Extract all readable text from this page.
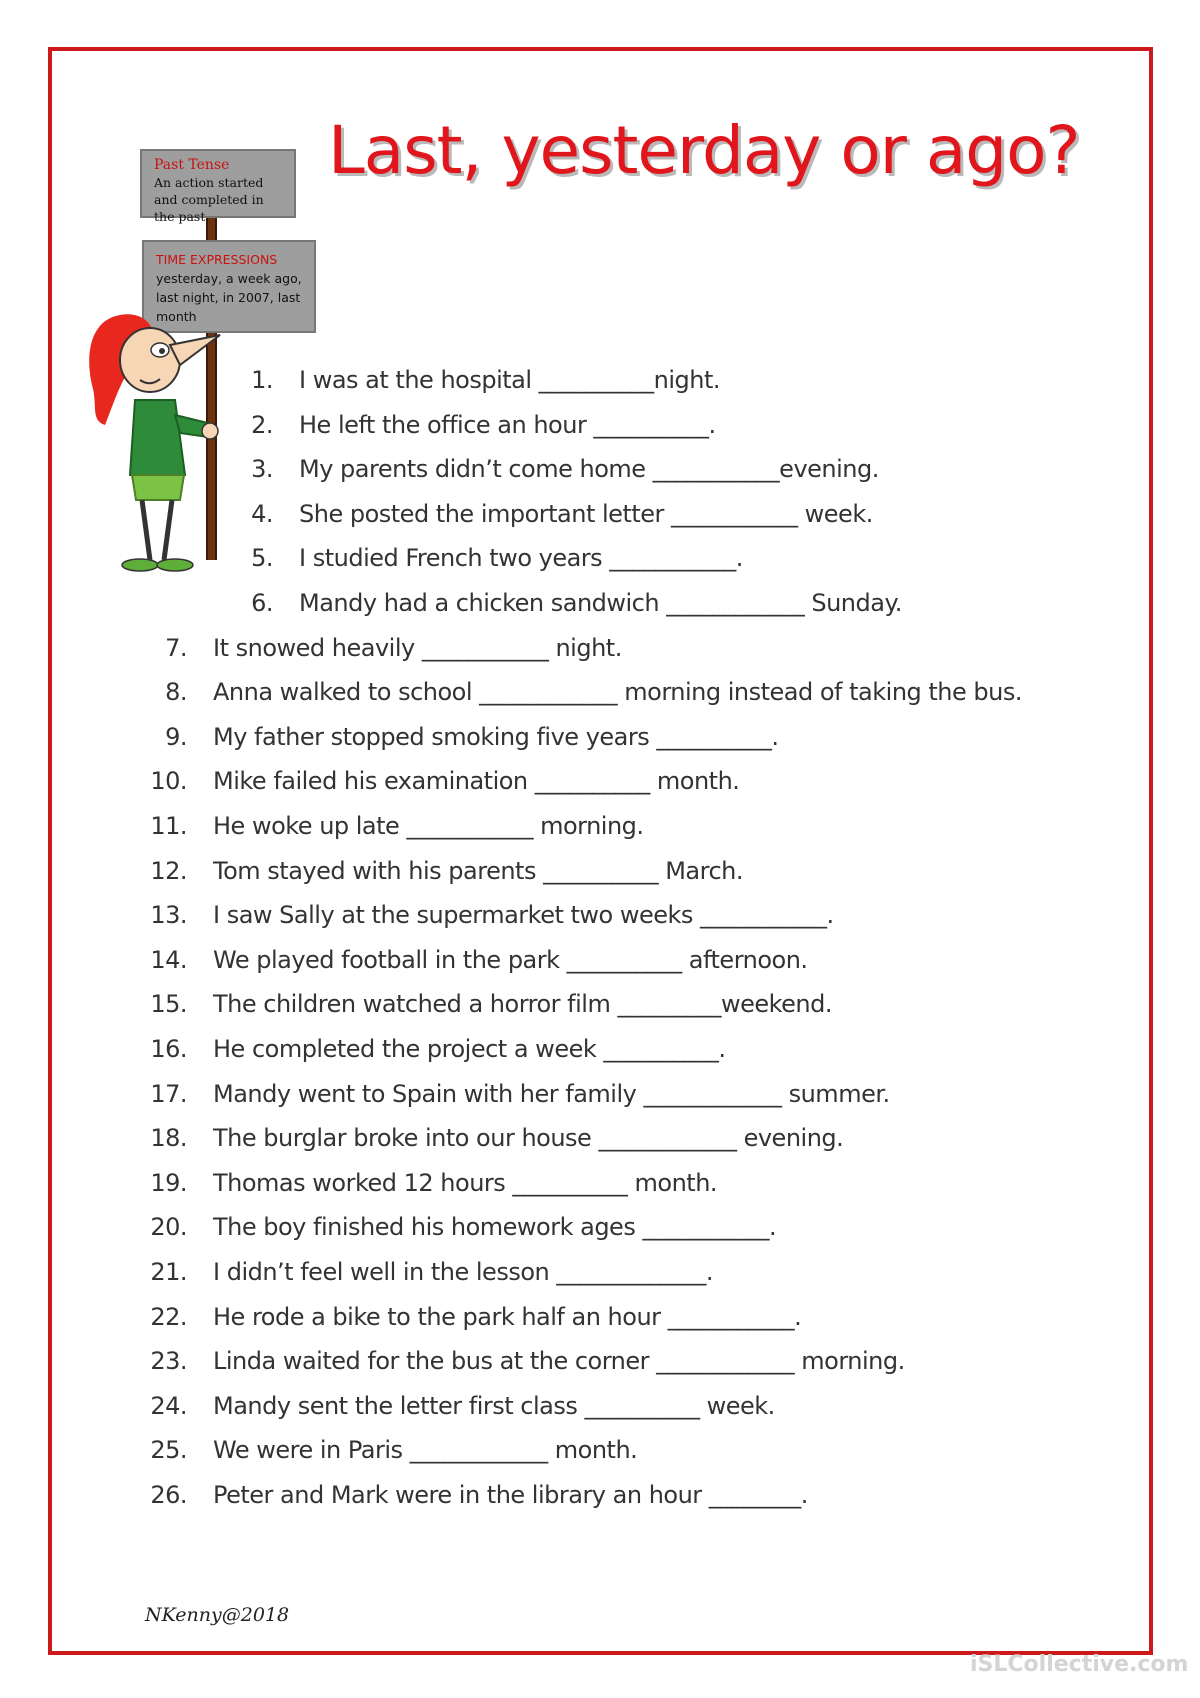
Last, yesterday or ago?
Past Tense
An action started and completed in the past.
TIME EXPRESSIONS
yesterday, a week ago, last night, in 2007, last month
1. I was at the hospital __________night.
2. He left the office an hour __________.
3. My parents didn’t come home ___________evening.
4. She posted the important letter ___________ week.
5. I studied French two years ___________.
6. Mandy had a chicken sandwich ____________ Sunday.
7. It snowed heavily ___________ night.
8. Anna walked to school ____________ morning instead of taking the bus.
9. My father stopped smoking five years __________.
10. Mike failed his examination __________ month.
11. He woke up late ___________ morning.
12. Tom stayed with his parents __________ March.
13. I saw Sally at the supermarket two weeks ___________.
14. We played football in the park __________ afternoon.
15. The children watched a horror film _________weekend.
16. He completed the project a week __________.
17. Mandy went to Spain with her family ____________ summer.
18. The burglar broke into our house ____________ evening.
19. Thomas worked 12 hours __________ month.
20. The boy finished his homework ages ___________.
21. I didn’t feel well in the lesson _____________.
22. He rode a bike to the park half an hour ___________.
23. Linda waited for the bus at the corner ____________ morning.
24. Mandy sent the letter first class __________ week.
25. We were in Paris ____________ month.
26. Peter and Mark were in the library an hour ________.
NKenny@2018
iSLCollective.com
